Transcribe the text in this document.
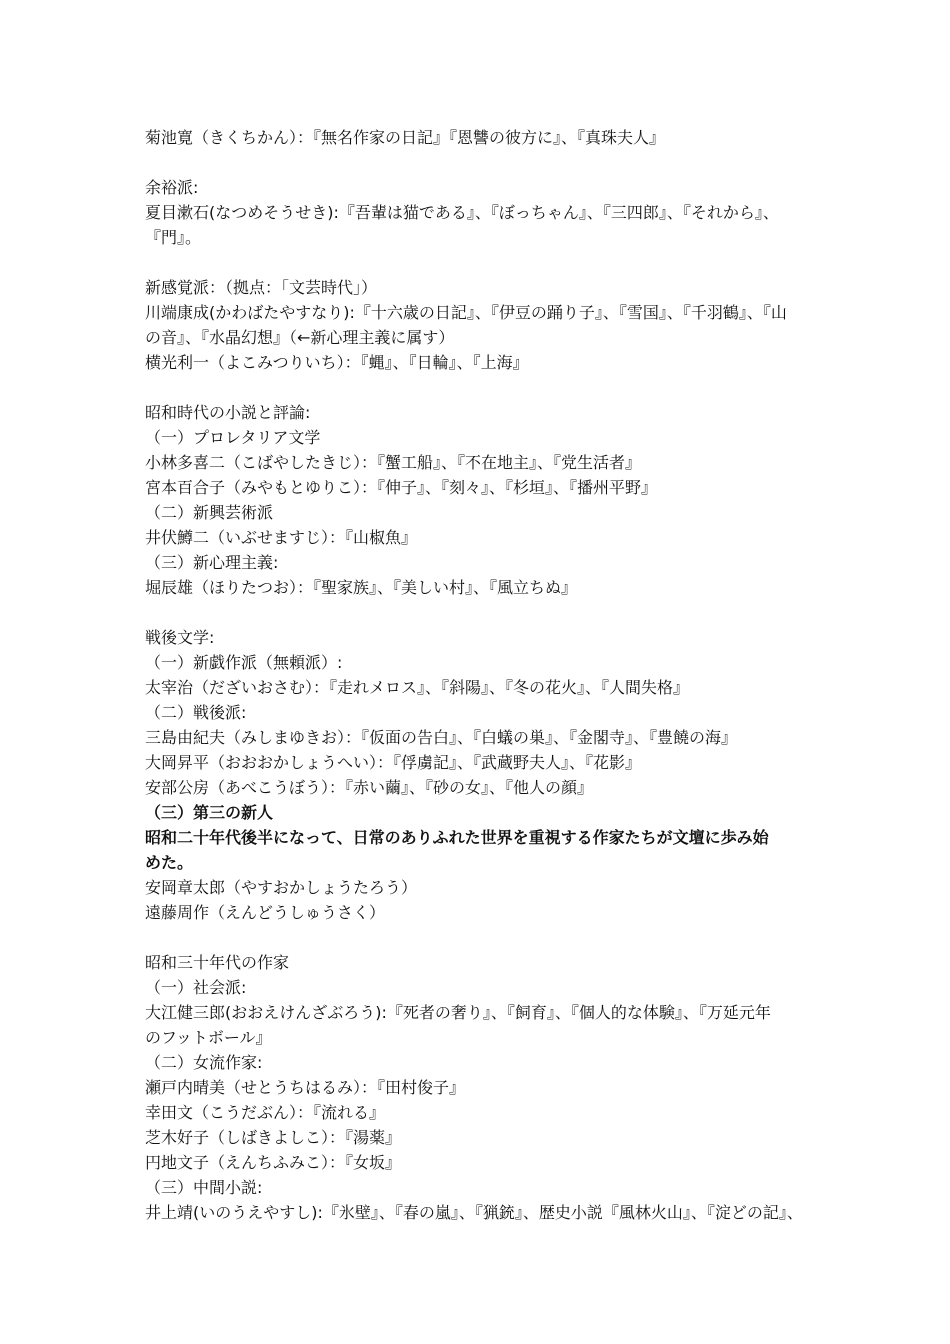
菊池寛（きくちかん）：『無名作家の日記』『恩讐の彼方に』、『真珠夫人』
余裕派:
夏目漱石(なつめそうせき):『吾輩は猫である』、『ぼっちゃん』、『三四郎』、『それから』、
『門』。
新感覚派：（拠点：「文芸時代」）
川端康成(かわばたやすなり):『十六歳の日記』、『伊豆の踊り子』、『雪国』、『千羽鶴』、『山
の音』、『水晶幻想』（←新心理主義に属す）
横光利一（よこみつりいち）：『蝿』、『日輪』、『上海』
昭和時代の小説と評論:
（一）プロレタリア文学
小林多喜二（こばやしたきじ）：『蟹工船』、『不在地主』、『党生活者』
宮本百合子（みやもとゆりこ）：『伸子』、『刻々』、『杉垣』、『播州平野』
（二）新興芸術派
井伏鱒二（いぶせますじ）：『山椒魚』
（三）新心理主義:
堀辰雄（ほりたつお）：『聖家族』、『美しい村』、『風立ちぬ』
戦後文学:
（一）新戯作派（無頼派）:
太宰治（だざいおさむ）：『走れメロス』、『斜陽』、『冬の花火』、『人間失格』
（二）戦後派:
三島由紀夫（みしまゆきお）：『仮面の告白』、『白蟻の巣』、『金閣寺』、『豊饒の海』
大岡昇平（おおおかしょうへい）：『俘虜記』、『武蔵野夫人』、『花影』
安部公房（あべこうぼう）：『赤い繭』、『砂の女』、『他人の顔』
（三）第三の新人
昭和二十年代後半になって、日常のありふれた世界を重視する作家たちが文壇に歩み始
めた。
安岡章太郎（やすおかしょうたろう）
遠藤周作（えんどうしゅうさく）
昭和三十年代の作家
（一）社会派:
大江健三郎(おおえけんざぶろう):『死者の奢り』、『飼育』、『個人的な体験』、『万延元年
のフットボール』
（二）女流作家:
瀬戸内晴美（せとうちはるみ）：『田村俊子』
幸田文（こうだぶん）：『流れる』
芝木好子（しばきよしこ）：『湯薬』
円地文子（えんちふみこ）：『女坂』
（三）中間小説:
井上靖(いのうえやすし):『氷壁』、『春の嵐』、『猟銃』、歴史小説『風林火山』、『淀どの記』、
